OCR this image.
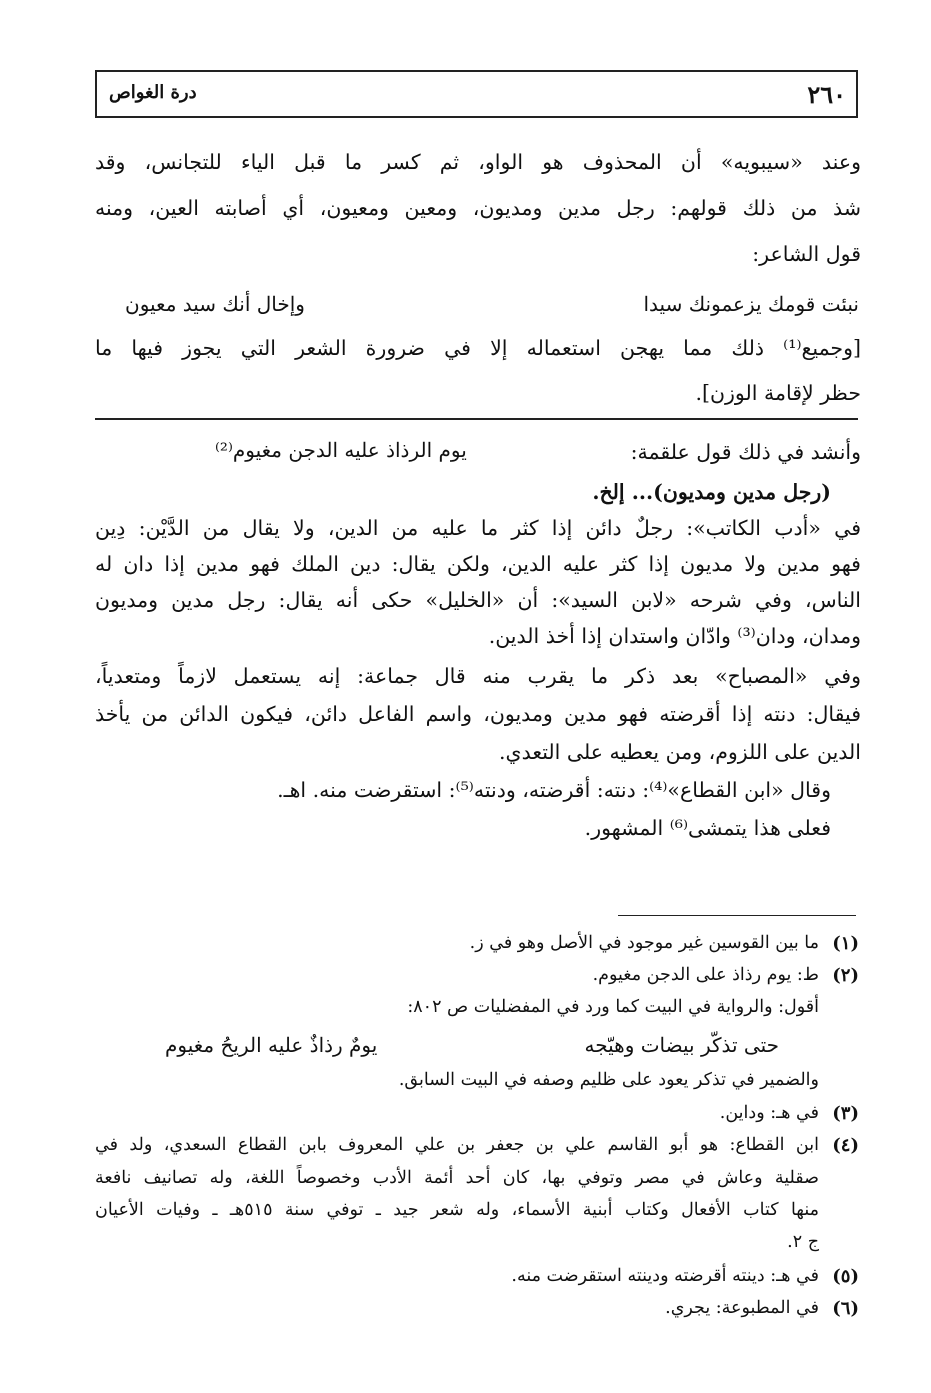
٢٦٠
درة الغواص
وعند «سيبويه» أن المحذوف هو الواو، ثم كسر ما قبل الياء للتجانس، وقد
شذ من ذلك قولهم: رجل مدين ومديون، ومعين ومعيون، أي أصابته العين، ومنه
قول الشاعر:
نبئت قومك يزعمونك سيدا
وإخال أنك سيد معيون
[وجميع⁽¹⁾ ذلك مما يهجن استعماله إلا في ضرورة الشعر التي يجوز فيها ما
حظر لإقامة الوزن].
وأنشد في ذلك قول علقمة:
يوم الرذاذ عليه الدجن مغيوم⁽²⁾
(رجل مدين ومديون)... إلخ.
في «أدب الكاتب»: رجلٌ دائن إذا كثر ما عليه من الدين، ولا يقال من الدَّيْن: دِين
فهو مدين ولا مديون إذا كثر عليه الدين، ولكن يقال: دين الملك فهو مدين إذا دان له
الناس، وفي شرحه «لابن السيد»: أن «الخليل» حكى أنه يقال: رجل مدين ومديون
ومدان، ودان⁽³⁾ وادّان واستدان إذا أخذ الدين.
وفي «المصباح» بعد ذكر ما يقرب منه قال جماعة: إنه يستعمل لازماً ومتعدياً،
فيقال: دنته إذا أقرضته فهو مدين ومديون، واسم الفاعل دائن، فيكون الدائن من يأخذ
الدين على اللزوم، ومن يعطيه على التعدي.
وقال «ابن القطاع»⁽⁴⁾: دنته: أقرضته، ودنته⁽⁵⁾: استقرضت منه. اهـ.
فعلى هذا يتمشى⁽⁶⁾ المشهور.
(١)
ما بين القوسين غير موجود في الأصل وهو في ز.
(٢)
ط: يوم رذاذ على الدجن مغيوم.
أقول: والرواية في البيت كما ورد في المفضليات ص ٨٠٢:
حتى تذكّر بيضات وهيّجه
يومٌ رذاذٌ عليه الريحُ مغيوم
والضمير في تذكر يعود على ظليم وصفه في البيت السابق.
(٣)
في هـ: وداين.
(٤)
ابن القطاع: هو أبو القاسم علي بن جعفر بن علي المعروف بابن القطاع السعدي، ولد في
صقلية وعاش في مصر وتوفي بها، كان أحد أئمة الأدب وخصوصاً اللغة، وله تصانيف نافعة
منها كتاب الأفعال وكتاب أبنية الأسماء، وله شعر جيد ـ توفي سنة ٥١٥هـ ـ وفيات الأعيان
ج ٢.
(٥)
في هـ: دينته أقرضته ودينته استقرضت منه.
(٦)
في المطبوعة: يجري.
